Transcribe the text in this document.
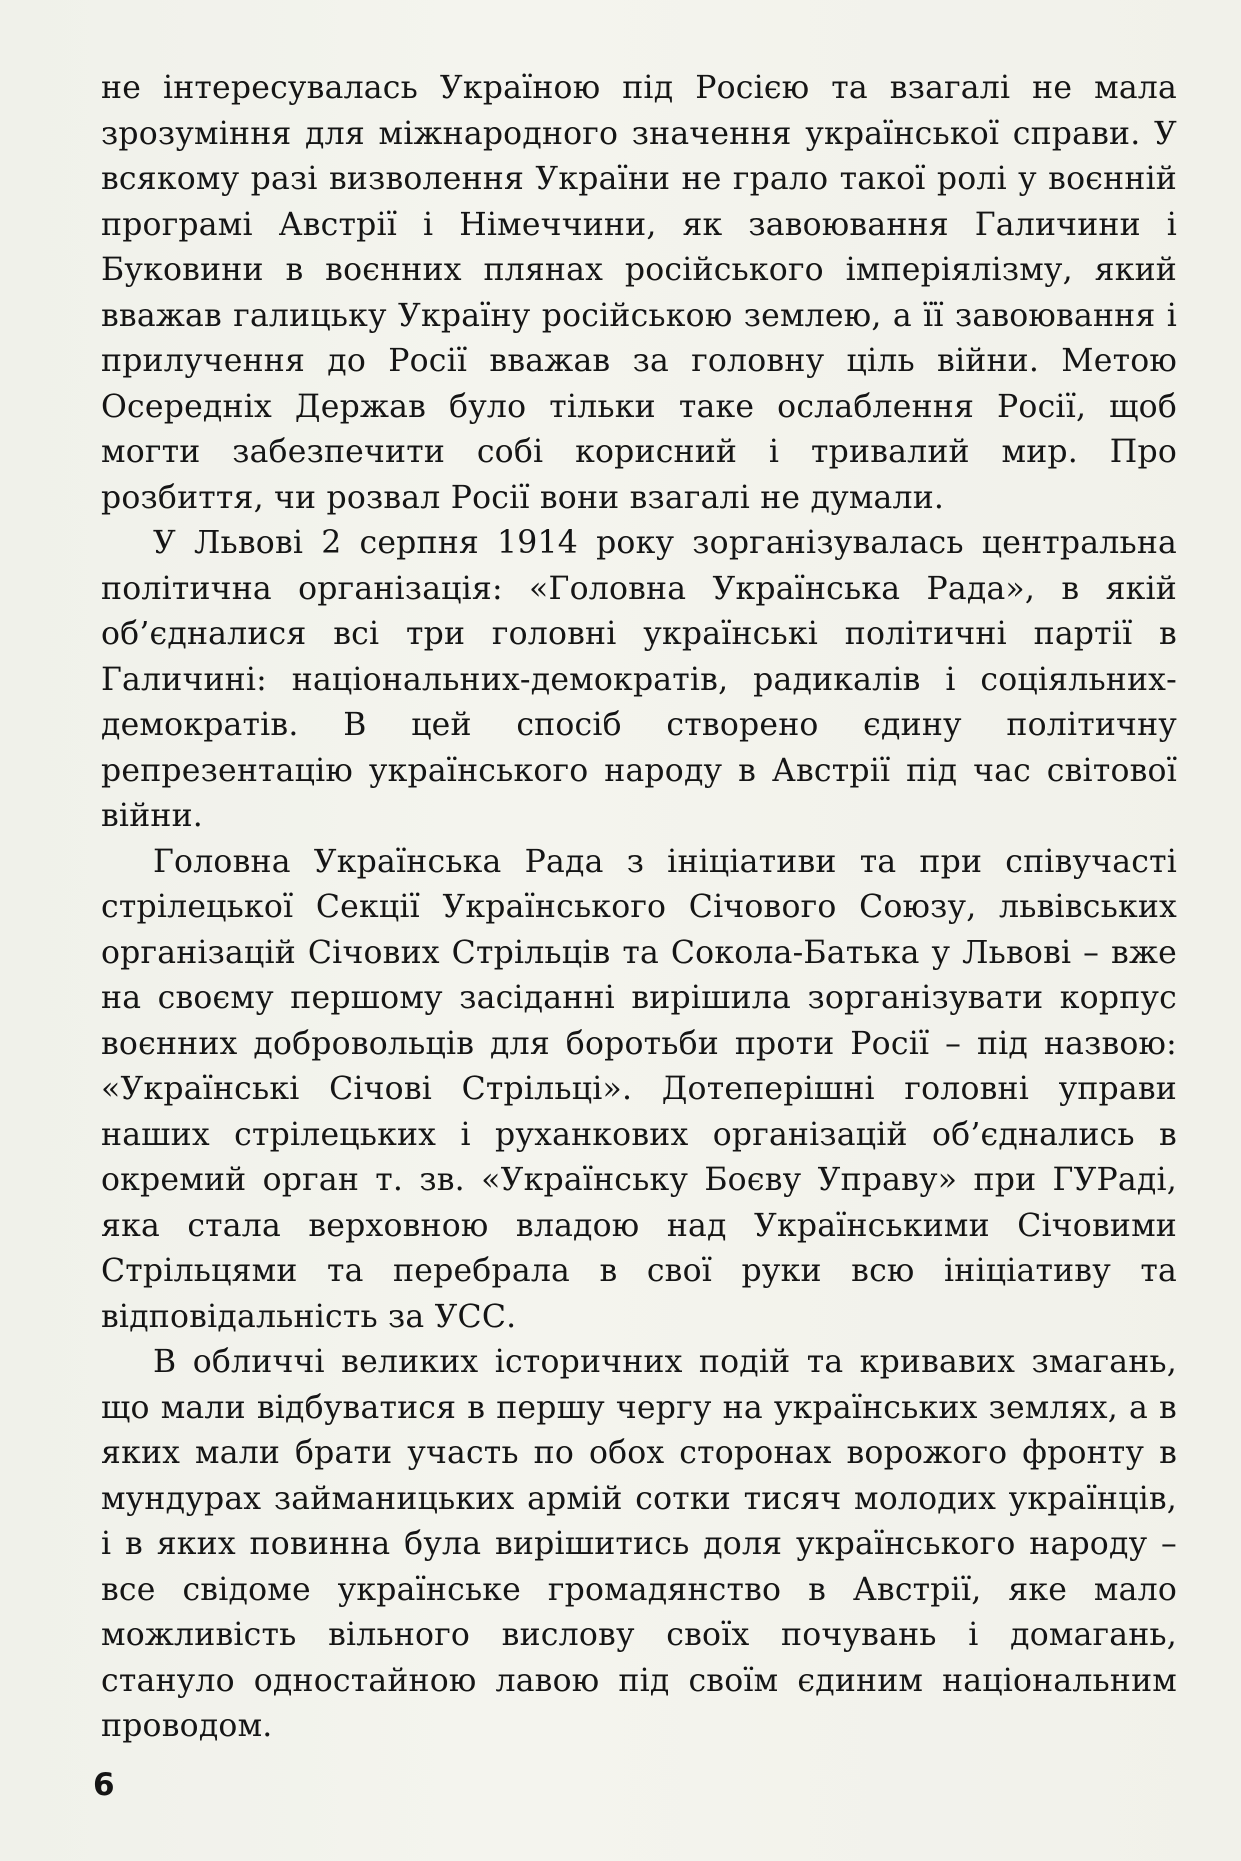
не інтересувалась Україною під Росією та взагалі не мала зрозуміння для міжнародного значення української справи. У всякому разі визволення України не грало такої ролі у воєнній програмі Австрії і Німеччини, як завоювання Галичини і Буковини в воєнних плянах російського імперіялізму, який вважав галицьку Україну російською землею, а її завоювання і прилучення до Росії вважав за головну ціль війни. Метою Осередніх Держав було тільки таке ослаблення Росії, щоб могти забезпечити собі корисний і тривалий мир. Про розбиття, чи розвал Росії вони взагалі не думали.

У Львові 2 серпня 1914 року зорганізувалась центральна політична організація: «Головна Українська Рада», в якій об’єдналися всі три головні українські політичні партії в Галичині: національних-демократів, радикалів і соціяльних-демократів. В цей спосіб створено єдину політичну репрезентацію українського народу в Австрії під час світової війни.

Головна Українська Рада з ініціативи та при співучасті стрілецької Секції Українського Січового Союзу, львівських організацій Січових Стрільців та Сокола-Батька у Львові – вже на своєму першому засіданні вирішила зорганізувати корпус воєнних добровольців для боротьби проти Росії – під назвою: «Українські Січові Стрільці». Дотеперішні головні управи наших стрілецьких і руханкових організацій об’єднались в окремий орган т. зв. «Українську Боєву Управу» при ГУРаді, яка стала верховною владою над Українськими Січовими Стрільцями та перебрала в свої руки всю ініціативу та відповідальність за УСС.

В обличчі великих історичних подій та кривавих змагань, що мали відбуватися в першу чергу на українських землях, а в яких мали брати участь по обох сторонах ворожого фронту в мундурах займаницьких армій сотки тисяч молодих українців, і в яких повинна була вирішитись доля українського народу – все свідоме українське громадянство в Австрії, яке мало можливість вільного вислову своїх почувань і домагань, стануло одностайною лавою під своїм єдиним національним проводом.

6
